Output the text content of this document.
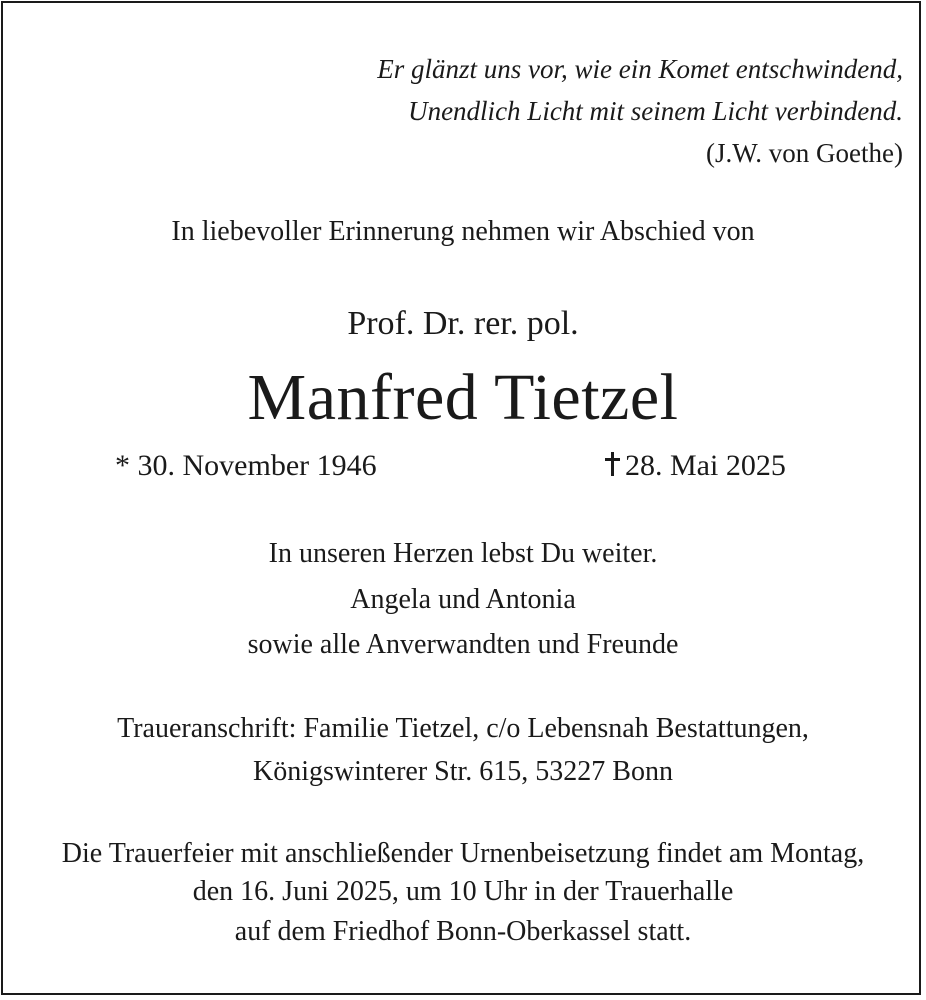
Er glänzt uns vor, wie ein Komet entschwindend,
Unendlich Licht mit seinem Licht verbindend.
(J.W. von Goethe)
In liebevoller Erinnerung nehmen wir Abschied von
Prof. Dr. rer. pol.
Manfred Tietzel
* 30. November 1946	28. Mai 2025
In unseren Herzen lebst Du weiter.
Angela und Antonia
sowie alle Anverwandten und Freunde
Traueranschrift: Familie Tietzel, c/o Lebensnah Bestattungen,
Königswinterer Str. 615, 53227 Bonn
Die Trauerfeier mit anschließender Urnenbeisetzung findet am Montag,
den 16. Juni 2025, um 10 Uhr in der Trauerhalle
auf dem Friedhof Bonn-Oberkassel statt.
